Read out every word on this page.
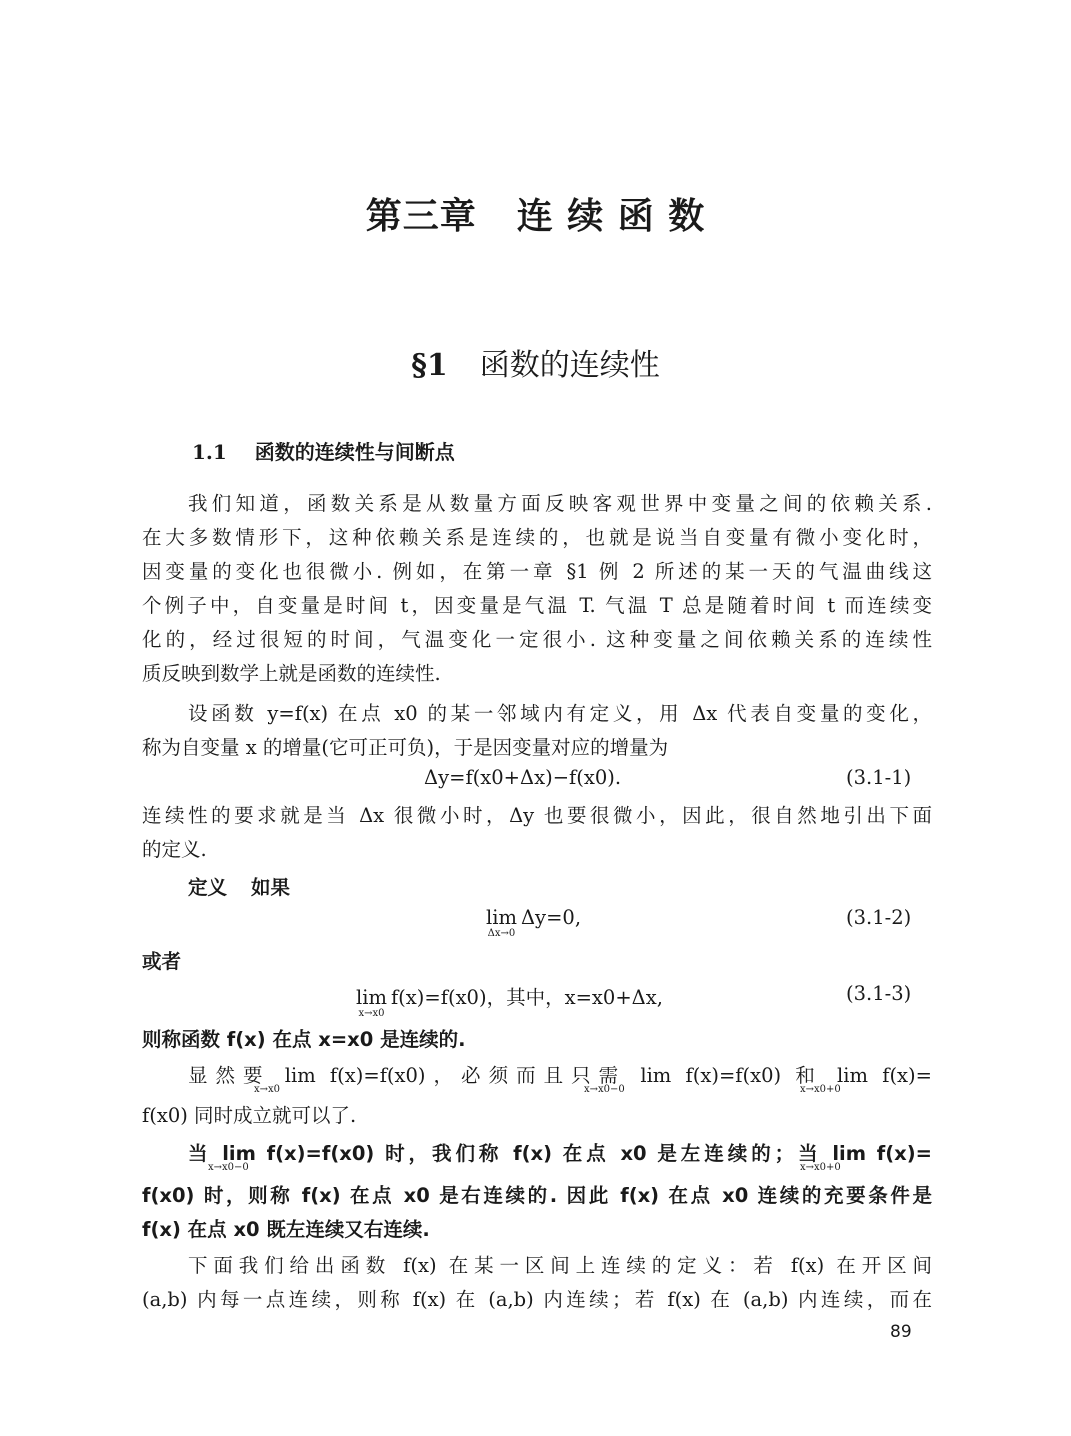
第三章 连 续 函 数
§1 函数的连续性
1.1 函数的连续性与间断点
我们知道，函数关系是从数量方面反映客观世界中变量之间的依赖关系.
在大多数情形下，这种依赖关系是连续的，也就是说当自变量有微小变化时，
因变量的变化也很微小. 例如，在第一章 §1 例 2 所述的某一天的气温曲线这
个例子中，自变量是时间 t，因变量是气温 T. 气温 T 总是随着时间 t 而连续变
化的，经过很短的时间，气温变化一定很小. 这种变量之间依赖关系的连续性
质反映到数学上就是函数的连续性.
设函数 y=f(x) 在点 x0 的某一邻域内有定义，用 Δx 代表自变量的变化，
称为自变量 x 的增量(它可正可负)，于是因变量对应的增量为
Δy=f(x0+Δx)−f(x0).	(3.1-1)
连续性的要求就是当 Δx 很微小时，Δy 也要很微小，因此，很自然地引出下面
的定义.
定义 如果
lim
Δx→0
Δy=0,	(3.1-2)
或者
lim
x→x0
f(x)=f(x0)，其中，x=x0+Δx,	(3.1-3)
则称函数 f(x) 在点 x=x0 是连续的.
显然要 lim f(x)=f(x0)，必须而且只需 lim f(x)=f(x0) 和 lim f(x)=
f(x0) 同时成立就可以了.
当 lim f(x)=f(x0) 时，我们称 f(x) 在点 x0 是左连续的；当 lim f(x)=
f(x0) 时，则称 f(x) 在点 x0 是右连续的. 因此 f(x) 在点 x0 连续的充要条件是
f(x) 在点 x0 既左连续又右连续.
下面我们给出函数 f(x) 在某一区间上连续的定义：若 f(x) 在开区间
(a,b) 内每一点连续，则称 f(x) 在 (a,b) 内连续；若 f(x) 在 (a,b) 内连续，而在
x→x0	x→x0−0	x→x0+0
x→x0−0	x→x0+0
89
